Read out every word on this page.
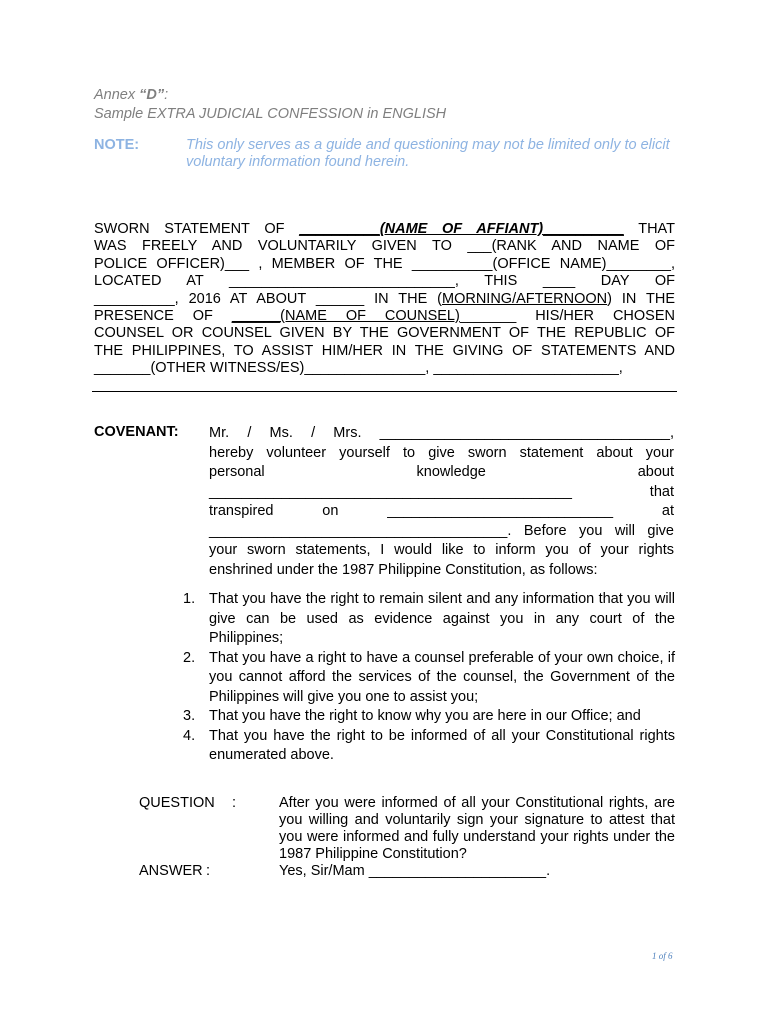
Annex “D”:
Sample EXTRA JUDICIAL CONFESSION in ENGLISH
NOTE:	This only serves as a guide and questioning may not be limited only to elicit voluntary information found herein.
SWORN STATEMENT OF __________(NAME OF AFFIANT)__________ THAT
WAS FREELY AND VOLUNTARILY GIVEN TO ___(RANK AND NAME OF
POLICE OFFICER)___ , MEMBER OF THE __________(OFFICE NAME)________,
LOCATED AT ____________________________, THIS ____ DAY OF
__________, 2016 AT ABOUT ______ IN THE (MORNING/AFTERNOON) IN THE
PRESENCE OF ______(NAME OF COUNSEL)_______ HIS/HER CHOSEN
COUNSEL OR COUNSEL GIVEN BY THE GOVERNMENT OF THE REPUBLIC OF
THE PHILIPPINES, TO ASSIST HIM/HER IN THE GIVING OF STATEMENTS AND
_______(OTHER WITNESS/ES)_______________, _______________________,
COVENANT: Mr. / Ms. / Mrs. ____________________________________,
hereby volunteer yourself to give sworn statement about your
personal knowledge about
_____________________________________________ that
transpired on ____________________________ at
_____________________________________. Before you will give
your sworn statements, I would like to inform you of your rights
enshrined under the 1987 Philippine Constitution, as follows:
1. That you have the right to remain silent and any information that you will give can be used as evidence against you in any court of the Philippines;
2. That you have a right to have a counsel preferable of your own choice, if you cannot afford the services of the counsel, the Government of the Philippines will give you one to assist you;
3. That you have the right to know why you are here in our Office; and
4. That you have the right to be informed of all your Constitutional rights enumerated above.
QUESTION :	After you were informed of all your Constitutional rights, are you willing and voluntarily sign your signature to attest that you were informed and fully understand your rights under the 1987 Philippine Constitution?
ANSWER :	Yes, Sir/Mam ______________________.
1 of 6
